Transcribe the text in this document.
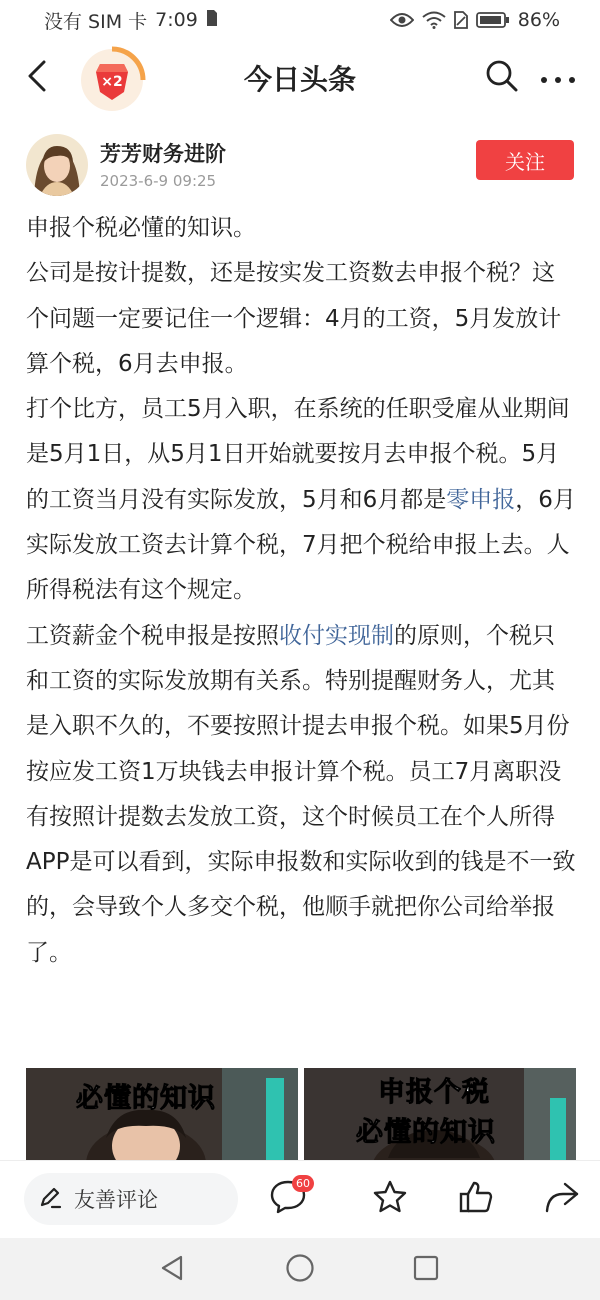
没有 SIM 卡 7:09	86%
×2	今日头条
芳芳财务进阶
2023-6-9 09:25
关注

申报个税必懂的知识。

公司是按计提数，还是按实发工资数去申报个税？这个问题一定要记住一个逻辑：4月的工资，5月发放计算个税，6月去申报。

打个比方，员工5月入职，在系统的任职受雇从业期间是5月1日，从5月1日开始就要按月去申报个税。5月的工资当月没有实际发放，5月和6月都是零申报，6月实际发放工资去计算个税，7月把个税给申报上去。人所得税法有这个规定。

工资薪金个税申报是按照收付实现制的原则，个税只和工资的实际发放期有关系。特别提醒财务人，尤其是入职不久的，不要按照计提去申报个税。如果5月份按应发工资1万块钱去申报计算个税。员工7月离职没有按照计提数去发放工资，这个时候员工在个人所得APP是可以看到，实际申报数和实际收到的钱是不一致的，会导致个人多交个税，他顺手就把你公司给举报了。

必懂的知识	申报个税
必懂的知识
友善评论
60
